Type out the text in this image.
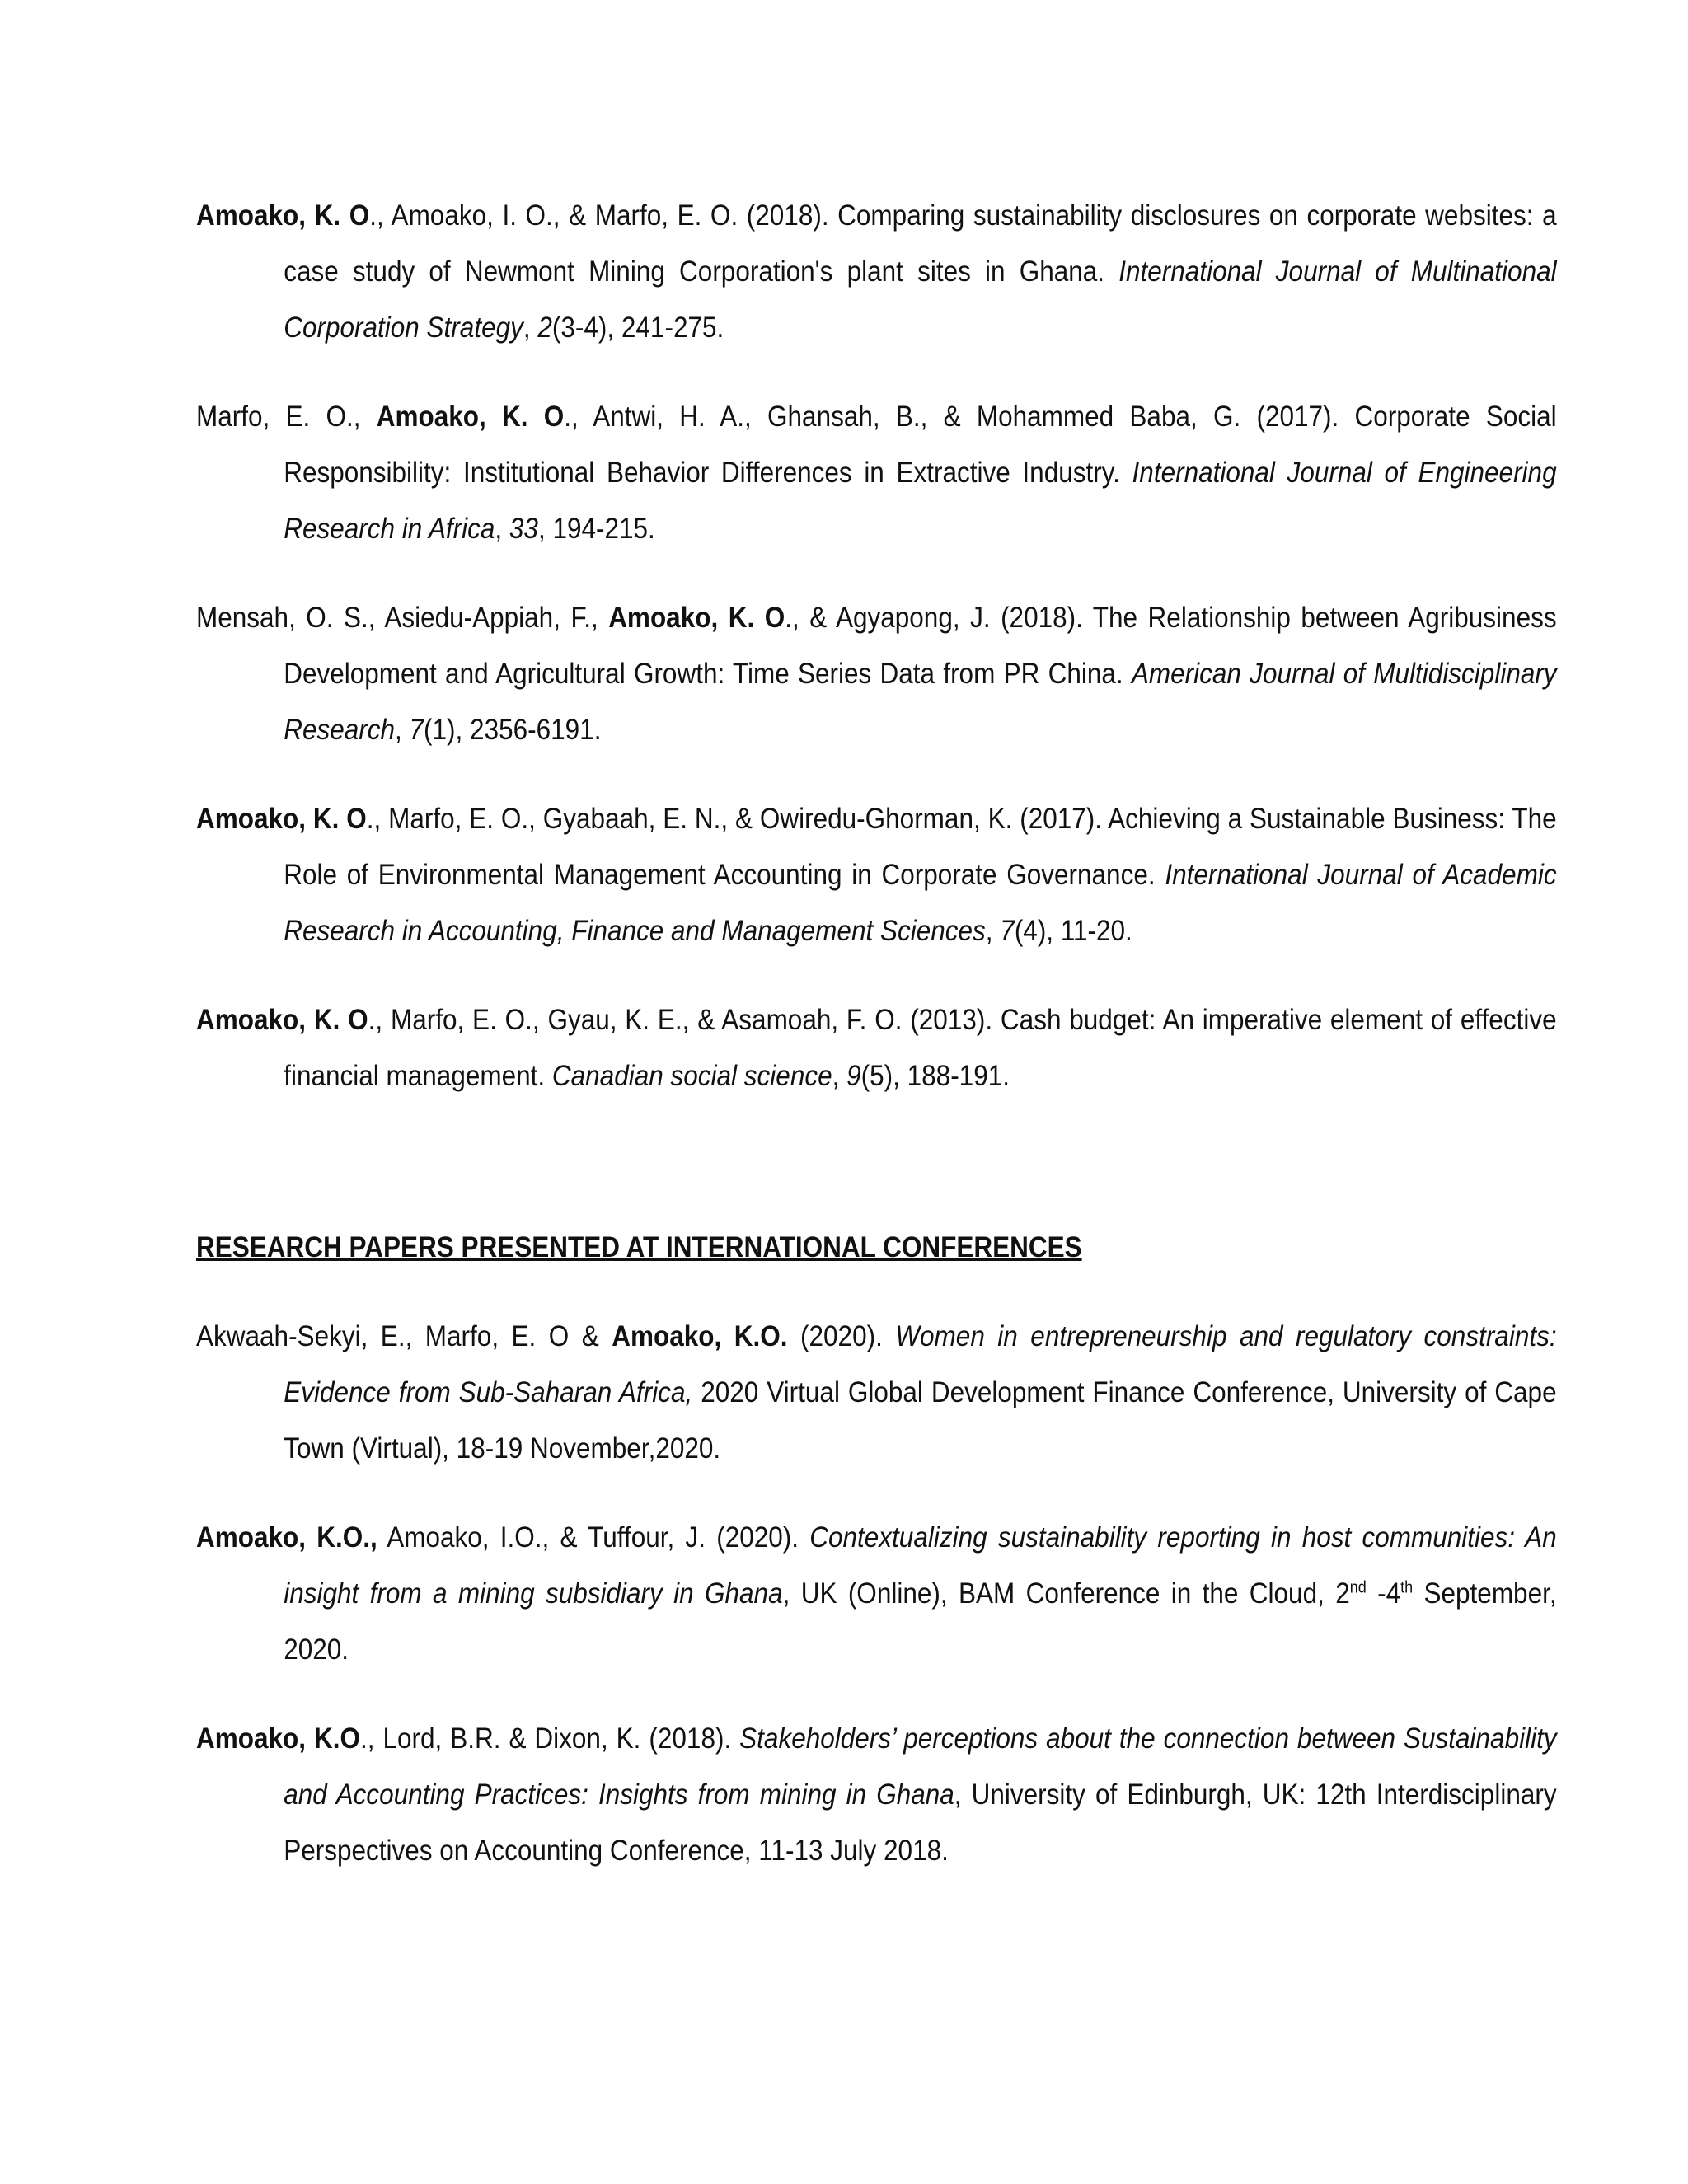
Amoako, K. O., Amoako, I. O., & Marfo, E. O. (2018). Comparing sustainability disclosures on corporate websites: a case study of Newmont Mining Corporation's plant sites in Ghana. International Journal of Multinational Corporation Strategy, 2(3-4), 241-275.

Marfo, E. O., Amoako, K. O., Antwi, H. A., Ghansah, B., & Mohammed Baba, G. (2017). Corporate Social Responsibility: Institutional Behavior Differences in Extractive Industry. International Journal of Engineering Research in Africa, 33, 194-215.

Mensah, O. S., Asiedu-Appiah, F., Amoako, K. O., & Agyapong, J. (2018). The Relationship between Agribusiness Development and Agricultural Growth: Time Series Data from PR China. American Journal of Multidisciplinary Research, 7(1), 2356-6191.

Amoako, K. O., Marfo, E. O., Gyabaah, E. N., & Owiredu-Ghorman, K. (2017). Achieving a Sustainable Business: The Role of Environmental Management Accounting in Corporate Governance. International Journal of Academic Research in Accounting, Finance and Management Sciences, 7(4), 11-20.

Amoako, K. O., Marfo, E. O., Gyau, K. E., & Asamoah, F. O. (2013). Cash budget: An imperative element of effective financial management. Canadian social science, 9(5), 188-191.

RESEARCH PAPERS PRESENTED AT INTERNATIONAL CONFERENCES

Akwaah-Sekyi, E., Marfo, E. O & Amoako, K.O. (2020). Women in entrepreneurship and regulatory constraints: Evidence from Sub-Saharan Africa, 2020 Virtual Global Development Finance Conference, University of Cape Town (Virtual), 18-19 November,2020.

Amoako, K.O., Amoako, I.O., & Tuffour, J. (2020). Contextualizing sustainability reporting in host communities: An insight from a mining subsidiary in Ghana, UK (Online), BAM Conference in the Cloud, 2nd -4th September, 2020.

Amoako, K.O., Lord, B.R. & Dixon, K. (2018). Stakeholders’ perceptions about the connection between Sustainability and Accounting Practices: Insights from mining in Ghana, University of Edinburgh, UK: 12th Interdisciplinary Perspectives on Accounting Conference, 11-13 July 2018.
